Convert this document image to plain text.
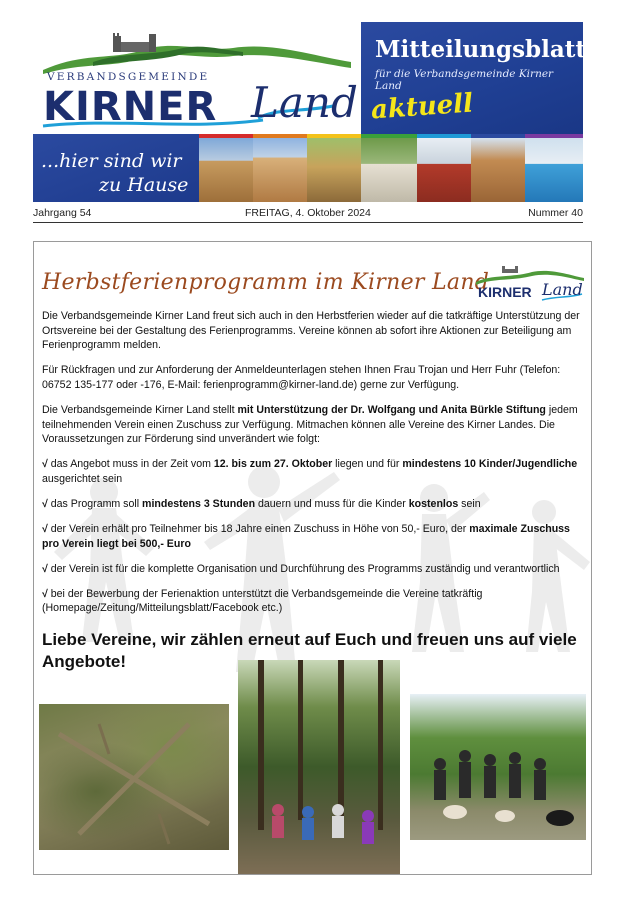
VERBANDSGEMEINDE
KIRNER Land
Mitteilungsblatt
für die Verbandsgemeinde Kirner Land
aktuell
...hier sind wir
zu Hause
Jahrgang 54	FREITAG, 4. Oktober 2024	Nummer 40
Herbstferienprogramm im Kirner Land
KIRNER Land

Die Verbandsgemeinde Kirner Land freut sich auch in den Herbstferien wieder auf die tatkräftige Unterstützung der Ortsvereine bei der Gestaltung des Ferienprogramms. Vereine können ab sofort ihre Aktionen zur Beteiligung am Ferienprogramm melden.

Für Rückfragen und zur Anforderung der Anmeldeunterlagen stehen Ihnen Frau Trojan und Herr Fuhr (Telefon: 06752 135-177 oder -176, E-Mail: ferienprogramm@kirner-land.de) gerne zur Verfügung.

Die Verbandsgemeinde Kirner Land stellt mit Unterstützung der Dr. Wolfgang und Anita Bürkle Stiftung jedem teilnehmenden Verein einen Zuschuss zur Verfügung. Mitmachen können alle Vereine des Kirner Landes. Die Voraussetzungen zur Förderung sind unverändert wie folgt:

√ das Angebot muss in der Zeit vom 12. bis zum 27. Oktober liegen und für mindestens 10 Kinder/Jugendliche ausgerichtet sein
√ das Programm soll mindestens 3 Stunden dauern und muss für die Kinder kostenlos sein
√ der Verein erhält pro Teilnehmer bis 18 Jahre einen Zuschuss in Höhe von 50,- Euro, der maximale Zuschuss pro Verein liegt bei 500,- Euro
√ der Verein ist für die komplette Organisation und Durchführung des Programms zuständig und verantwortlich
√ bei der Bewerbung der Ferienaktion unterstützt die Verbandsgemeinde die Vereine tatkräftig (Homepage/Zeitung/Mitteilungsblatt/Facebook etc.)
Liebe Vereine, wir zählen erneut auf Euch und freuen uns auf viele Angebote!
